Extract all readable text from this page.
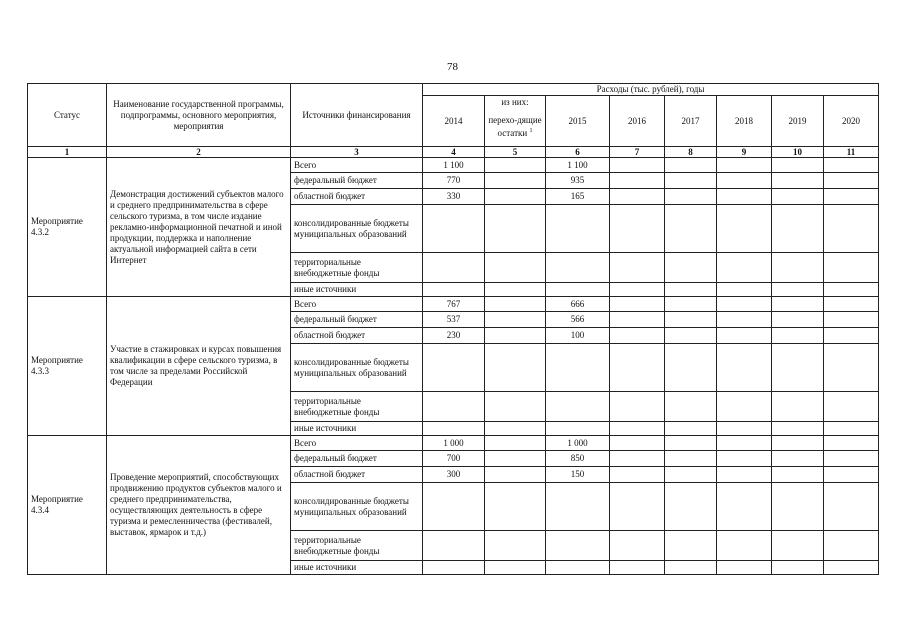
78
Статус	Наименование государственной программы, подпрограммы, основного мероприятия, мероприятия	Источники финансирования	Расходы (тыс. рублей), годы							
			2014	из них:	2015	2016	2017	2018	2019	2020
				перехо-дящие остатки $^1$
1	2	3	4	5	6	7	8	9	10	11
Мероприятие 4.3.2	Демонстрация достижений субъектов малого и среднего предпринимательства в сфере сельского туризма, в том числе издание рекламно-информационной печатной и иной продукции, поддержка и наполнение актуальной информацией сайта в сети Интернет	Всего	1 100		1 100					
		федеральный бюджет	770		935					
		областной бюджет	330		165					
		консолидированные бюджеты муниципальных образований								
		территориальные внебюджетные фонды								
		иные источники								
Мероприятие 4.3.3	Участие в стажировках и курсах повышения квалификации в сфере сельского туризма, в том числе за пределами Российской Федерации	Всего	767		666					
		федеральный бюджет	537		566					
		областной бюджет	230		100					
		консолидированные бюджеты муниципальных образований								
		территориальные внебюджетные фонды								
		иные источники								
Мероприятие 4.3.4	Проведение мероприятий, способствующих продвижению продуктов субъектов малого и среднего предпринимательства, осуществляющих деятельность в сфере туризма и ремесленничества (фестивалей, выставок, ярмарок и т.д.)	Всего	1 000		1 000					
		федеральный бюджет	700		850					
		областной бюджет	300		150					
		консолидированные бюджеты муниципальных образований								
		территориальные внебюджетные фонды								
		иные источники								
